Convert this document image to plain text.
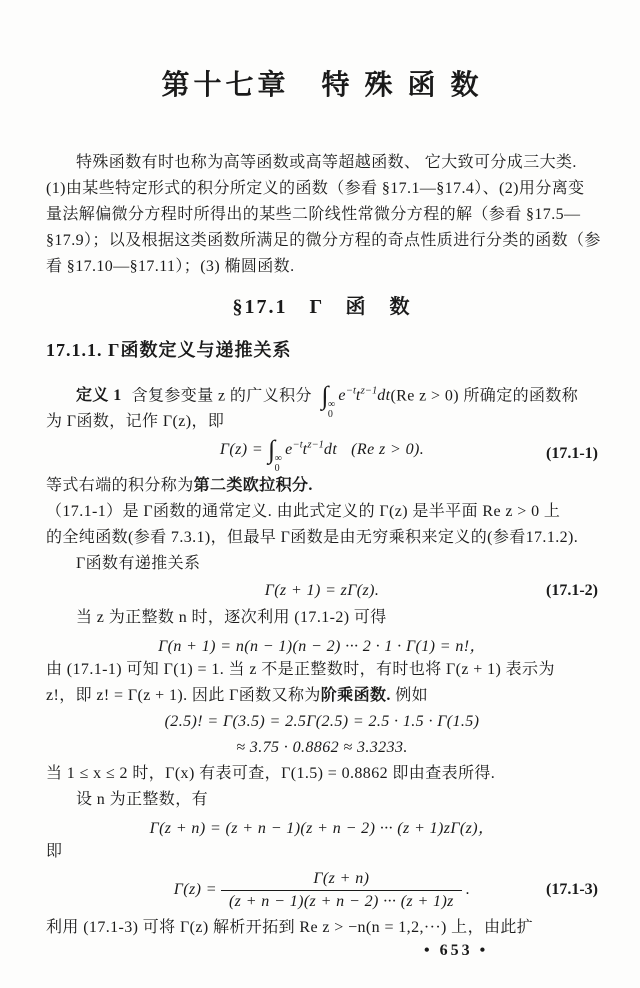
第十七章　特 殊 函 数
特殊函数有时也称为高等函数或高等超越函数、 它大致可分成三大类.
(1)由某些特定形式的积分所定义的函数（参看 §17.1—§17.4）、(2)用分离变
量法解偏微分方程时所得出的某些二阶线性常微分方程的解（参看 §17.5—
§17.9）；以及根据这类函数所满足的微分方程的奇点性质进行分类的函数（参
看 §17.10—§17.11）；(3) 椭圆函数.
§17.1　Γ　函　数
17.1.1. Γ函数定义与递推关系
定义 1 含复参变量 z 的广义积分 ∫ ∞
0
$e^{-t}t^{z-1}dt(Re$ z > 0) 所确定的函数称
为 Γ函数，记作 Γ(z)，即
Γ(z) = ∫ ∞
0
$e^{-t}t^{z-1}dt$ (Re z > 0).	(17.1-1)
等式右端的积分称为第二类欧拉积分.
（17.1-1）是 Γ函数的通常定义. 由此式定义的 Γ(z) 是半平面 Re z > 0 上
的全纯函数(参看 7.3.1)，但最早 Γ函数是由无穷乘积来定义的(参看17.1.2).
Γ函数有递推关系
Γ(z + 1) = zΓ(z).	(17.1-2)
当 z 为正整数 n 时，逐次利用 (17.1-2) 可得
Γ(n + 1) = n(n − 1)(n − 2) ··· 2 · 1 · Γ(1) = n!，
由 (17.1-1) 可知 Γ(1) = 1. 当 z 不是正整数时，有时也将 Γ(z + 1) 表示为
z!，即 z! = Γ(z + 1). 因此 Γ函数又称为阶乘函数. 例如
(2.5)! = Γ(3.5) = 2.5Γ(2.5) = 2.5 · 1.5 · Γ(1.5)
≈ 3.75 · 0.8862 ≈ 3.3233.
当 1 ≤ x ≤ 2 时，Γ(x) 有表可查，Γ(1.5) = 0.8862 即由查表所得.
设 n 为正整数，有
Γ(z + n) = (z + n − 1)(z + n − 2) ··· (z + 1)zΓ(z)，
即
$\Gamma(z) = \frac{\Gamma(z + n)}{(z + n - 1)(z + n - 2) \cdot\cdot\cdot (z + 1)z}$ .	(17.1-3)
利用 (17.1-3) 可将 Γ(z) 解析开拓到 Re z > −n(n = 1,2,···) 上，由此扩
• 653 •
